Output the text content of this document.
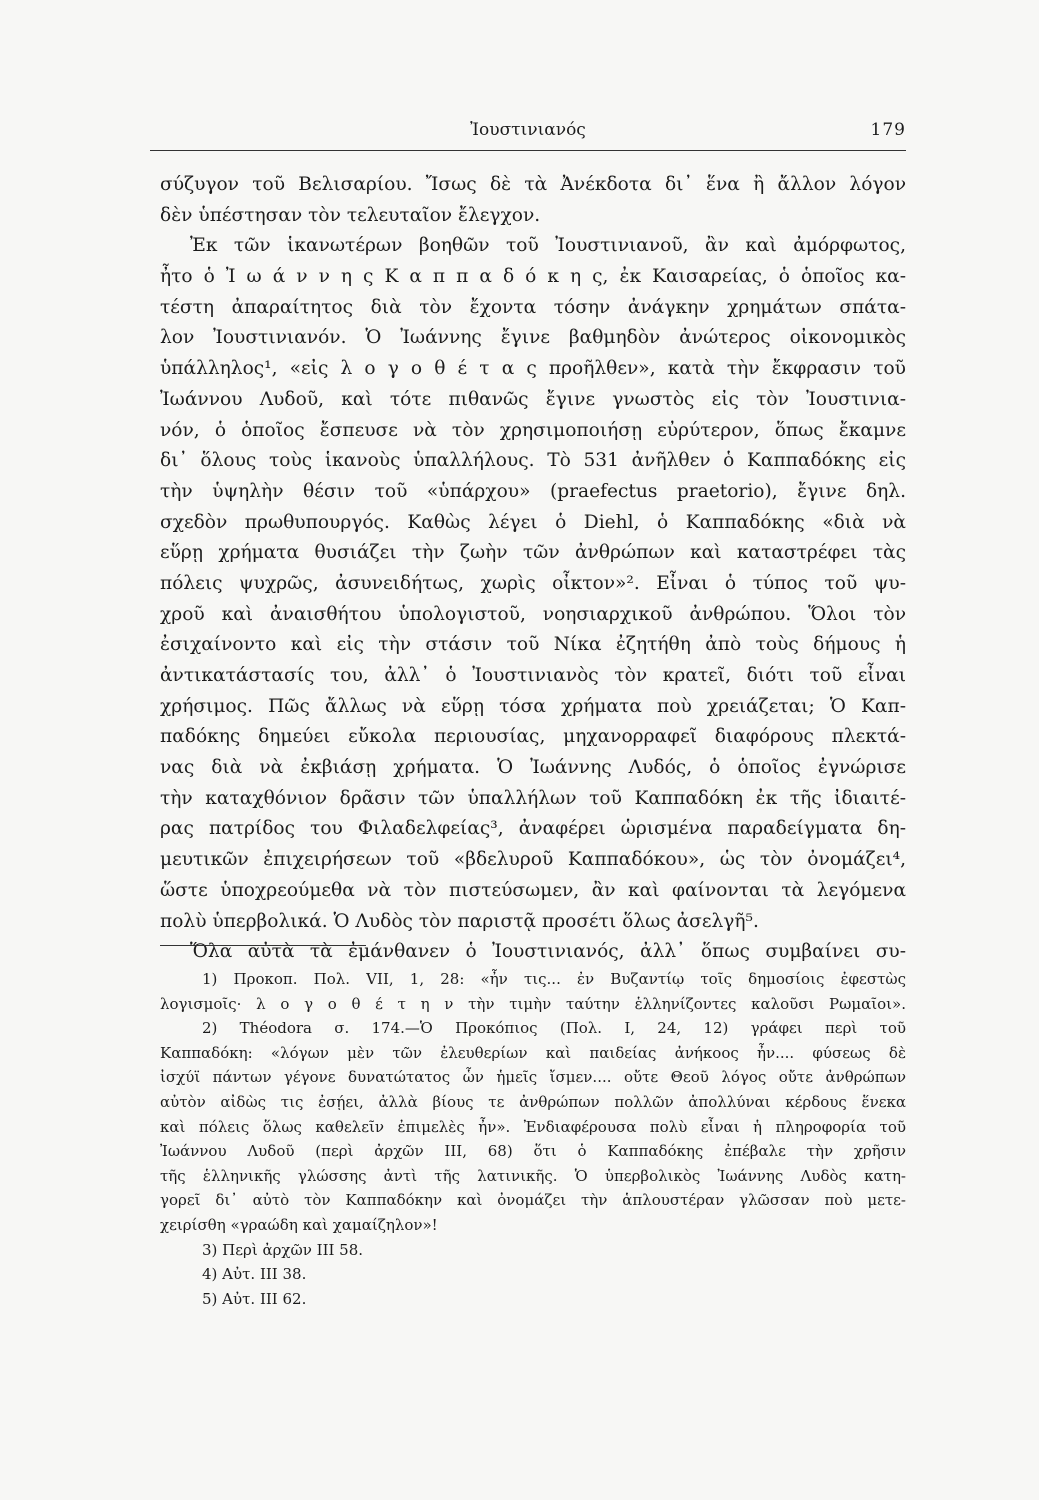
Ἰουστινιανός	179
σύζυγον τοῦ Βελισαρίου. Ἴσως δὲ τὰ Ἀνέκδοτα δι᾽ ἕνα ἢ ἄλλον λόγον
δὲν ὑπέστησαν τὸν τελευταῖον ἔλεγχον.
Ἐκ τῶν ἱκανωτέρων βοηθῶν τοῦ Ἰουστινιανοῦ, ἂν καὶ ἀμόρφωτος,
ἦτο ὁ Ἰ ω ά ν ν η ς Κ α π π α δ ό κ η ς, ἐκ Καισαρείας, ὁ ὁποῖος κα-
τέστη ἀπαραίτητος διὰ τὸν ἔχοντα τόσην ἀνάγκην χρημάτων σπάτα-
λον Ἰουστινιανόν. Ὁ Ἰωάννης ἔγινε βαθμηδὸν ἀνώτερος οἰκονομικὸς
ὑπάλληλος¹, «εἰς λ ο γ ο θ έ τ α ς προῆλθεν», κατὰ τὴν ἔκφρασιν τοῦ
Ἰωάννου Λυδοῦ, καὶ τότε πιθανῶς ἔγινε γνωστὸς εἰς τὸν Ἰουστινια-
νόν, ὁ ὁποῖος ἔσπευσε νὰ τὸν χρησιμοποιήσῃ εὐρύτερον, ὅπως ἔκαμνε
δι᾽ ὅλους τοὺς ἱκανοὺς ὑπαλλήλους. Τὸ 531 ἀνῆλθεν ὁ Καππαδόκης εἰς
τὴν ὑψηλὴν θέσιν τοῦ «ὑπάρχου» (praefectus praetorio), ἔγινε δηλ.
σχεδὸν πρωθυπουργός. Καθὼς λέγει ὁ Diehl, ὁ Καππαδόκης «διὰ νὰ
εὕρῃ χρήματα θυσιάζει τὴν ζωὴν τῶν ἀνθρώπων καὶ καταστρέφει τὰς
πόλεις ψυχρῶς, ἀσυνειδήτως, χωρὶς οἶκτον»². Εἶναι ὁ τύπος τοῦ ψυ-
χροῦ καὶ ἀναισθήτου ὑπολογιστοῦ, νοησιαρχικοῦ ἀνθρώπου. Ὅλοι τὸν
ἐσιχαίνοντο καὶ εἰς τὴν στάσιν τοῦ Νίκα ἐζητήθη ἀπὸ τοὺς δήμους ἡ
ἀντικατάστασίς του, ἀλλ᾽ ὁ Ἰουστινιανὸς τὸν κρατεῖ, διότι τοῦ εἶναι
χρήσιμος. Πῶς ἄλλως νὰ εὕρῃ τόσα χρήματα ποὺ χρειάζεται; Ὁ Καπ-
παδόκης δημεύει εὔκολα περιουσίας, μηχανορραφεῖ διαφόρους πλεκτά-
νας διὰ νὰ ἐκβιάσῃ χρήματα. Ὁ Ἰωάννης Λυδός, ὁ ὁποῖος ἐγνώρισε
τὴν καταχθόνιον δρᾶσιν τῶν ὑπαλλήλων τοῦ Καππαδόκη ἐκ τῆς ἰδιαιτέ-
ρας πατρίδος του Φιλαδελφείας³, ἀναφέρει ὡρισμένα παραδείγματα δη-
μευτικῶν ἐπιχειρήσεων τοῦ «βδελυροῦ Καππαδόκου», ὡς τὸν ὀνομάζει⁴,
ὥστε ὑποχρεούμεθα νὰ τὸν πιστεύσωμεν, ἂν καὶ φαίνονται τὰ λεγόμενα
πολὺ ὑπερβολικά. Ὁ Λυδὸς τὸν παριστᾷ προσέτι ὅλως ἀσελγῆ⁵.
Ὅλα αὐτὰ τὰ ἐμάνθανεν ὁ Ἰουστινιανός, ἀλλ᾽ ὅπως συμβαίνει συ-
1) Προκοπ. Πολ. VII, 1, 28: «ἦν τις... ἐν Βυζαντίῳ τοῖς δημοσίοις ἐφεστὼς
λογισμοῖς· λ ο γ ο θ έ τ η ν τὴν τιμὴν ταύτην ἑλληνίζοντες καλοῦσι Ρωμαῖοι».
2) Théodora σ. 174.—Ὁ Προκόπιος (Πολ. I, 24, 12) γράφει περὶ τοῦ
Καππαδόκη: «λόγων μὲν τῶν ἐλευθερίων καὶ παιδείας ἀνήκοος ἦν.... φύσεως δὲ
ἰσχύϊ πάντων γέγονε δυνατώτατος ὧν ἡμεῖς ἴσμεν.... οὔτε Θεοῦ λόγος οὔτε ἀνθρώπων
αὐτὸν αἰδὼς τις ἐσῄει, ἀλλὰ βίους τε ἀνθρώπων πολλῶν ἀπολλύναι κέρδους ἕνεκα
καὶ πόλεις ὅλως καθελεῖν ἐπιμελὲς ἦν». Ἐνδιαφέρουσα πολὺ εἶναι ἡ πληροφορία τοῦ
Ἰωάννου Λυδοῦ (περὶ ἀρχῶν III, 68) ὅτι ὁ Καππαδόκης ἐπέβαλε τὴν χρῆσιν
τῆς ἑλληνικῆς γλώσσης ἀντὶ τῆς λατινικῆς. Ὁ ὑπερβολικὸς Ἰωάννης Λυδὸς κατη-
γορεῖ δι᾽ αὐτὸ τὸν Καππαδόκην καὶ ὀνομάζει τὴν ἁπλουστέραν γλῶσσαν ποὺ μετε-
χειρίσθη «γραώδη καὶ χαμαίζηλον»!
3) Περὶ ἀρχῶν III 58.
4) Αὐτ. III 38.
5) Αὐτ. III 62.
